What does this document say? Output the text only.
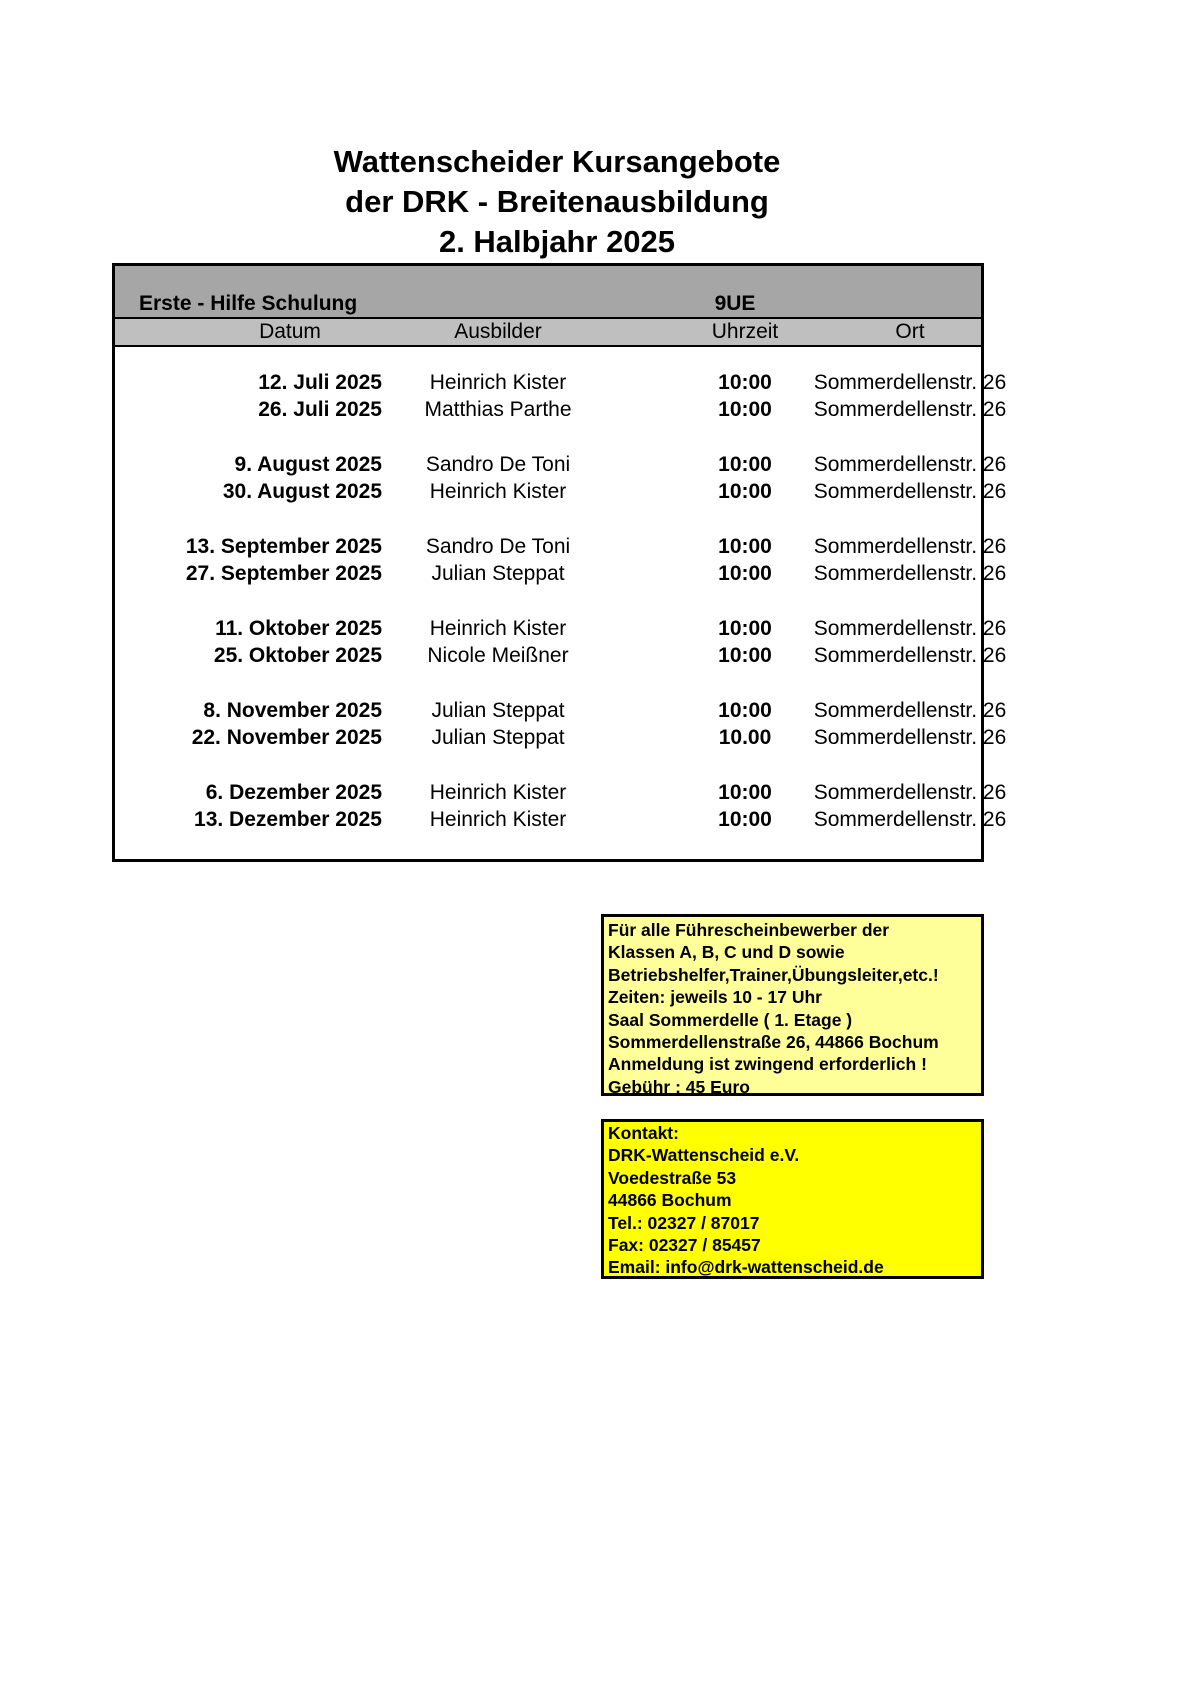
Wattenscheider Kursangebote
der DRK - Breitenausbildung
2. Halbjahr 2025
Erste - Hilfe Schulung	9UE
Datum	Ausbilder	Uhrzeit	Ort
12. Juli 2025	Heinrich Kister	10:00	Sommerdellenstr. 26
26. Juli 2025	Matthias Parthe	10:00	Sommerdellenstr. 26
9. August 2025	Sandro De Toni	10:00	Sommerdellenstr. 26
30. August 2025	Heinrich Kister	10:00	Sommerdellenstr. 26
13. September 2025	Sandro De Toni	10:00	Sommerdellenstr. 26
27. September 2025	Julian Steppat	10:00	Sommerdellenstr. 26
11. Oktober 2025	Heinrich Kister	10:00	Sommerdellenstr. 26
25. Oktober 2025	Nicole Meißner	10:00	Sommerdellenstr. 26
8. November 2025	Julian Steppat	10:00	Sommerdellenstr. 26
22. November 2025	Julian Steppat	10.00	Sommerdellenstr. 26
6. Dezember 2025	Heinrich Kister	10:00	Sommerdellenstr. 26
13. Dezember 2025	Heinrich Kister	10:00	Sommerdellenstr. 26
Für alle Führescheinbewerber der
Klassen A, B, C und D sowie
Betriebshelfer,Trainer,Übungsleiter,etc.!
Zeiten: jeweils 10 - 17 Uhr
Saal Sommerdelle ( 1. Etage )
Sommerdellenstraße 26, 44866 Bochum
Anmeldung ist zwingend erforderlich !
Gebühr : 45 Euro
Kontakt:
DRK-Wattenscheid e.V.
Voedestraße 53
44866 Bochum
Tel.: 02327 / 87017
Fax: 02327 / 85457
Email: info@drk-wattenscheid.de
